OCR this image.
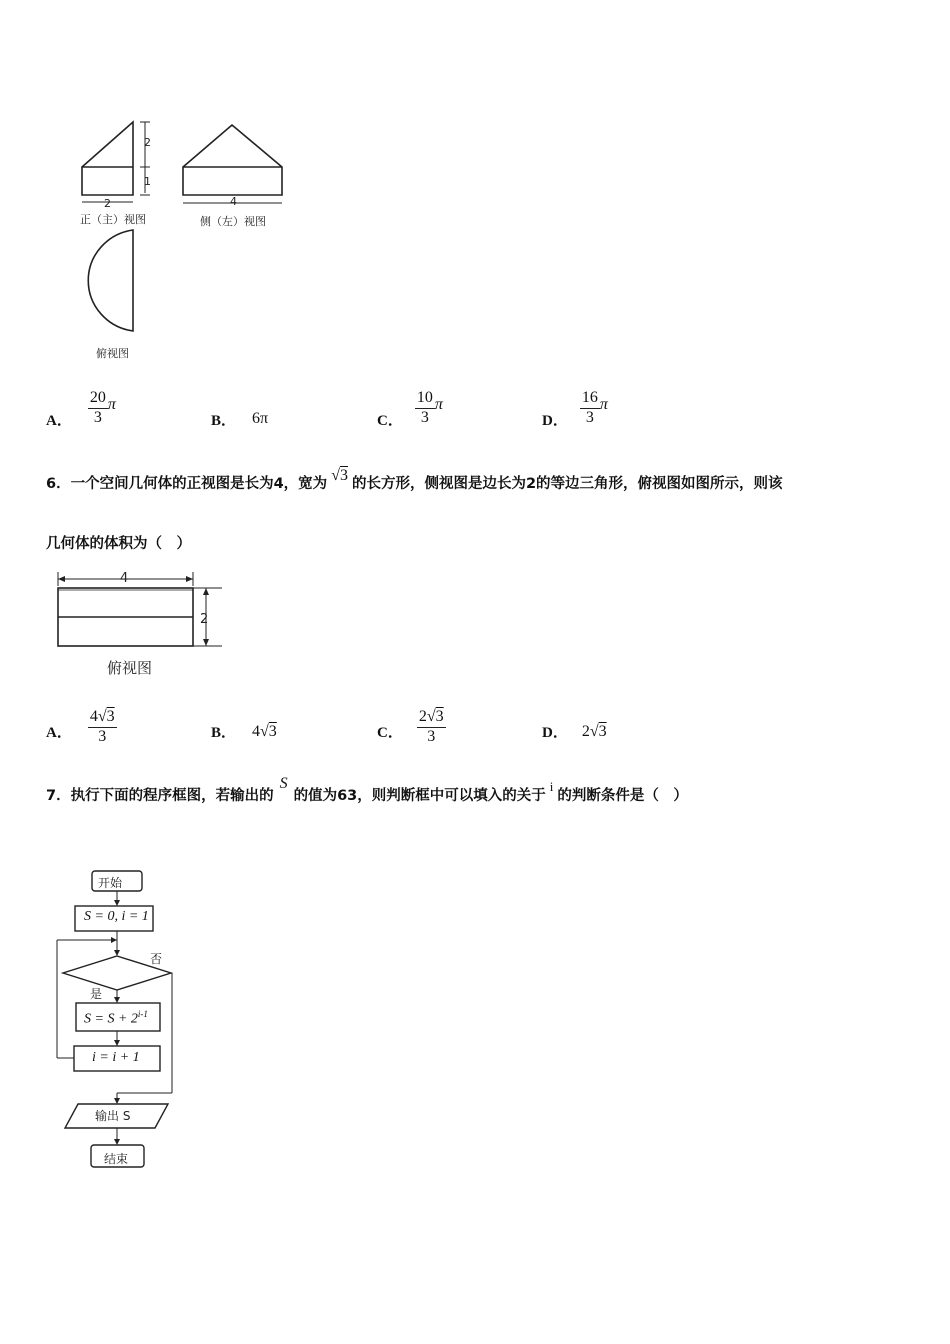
2
1
2
正（主）视图
4
侧（左）视图
俯视图
A． $\frac{20}{3}$ π
B． 6π	C． $\frac{10}{3}$ π
D． $\frac{16}{3}$ π
6．一个空间几何体的正视图是长为4，宽为 √3 的长方形，侧视图是边长为2的等边三角形，俯视图如图所示，则该
几何体的体积为（　）
4
2
俯视图
A． $\frac{4√3}{3}$	B． 4√3	C． $\frac{2√3}{3}$	D． 2√3
7．执行下面的程序框图，若输出的
S
的值为63，则判断框中可以填入的关于
i
的判断条件是（　）
开始
S = 0, i = 1
否
是
$S = S + 2^{i-1}$
i = i + 1
输出 S
结束
